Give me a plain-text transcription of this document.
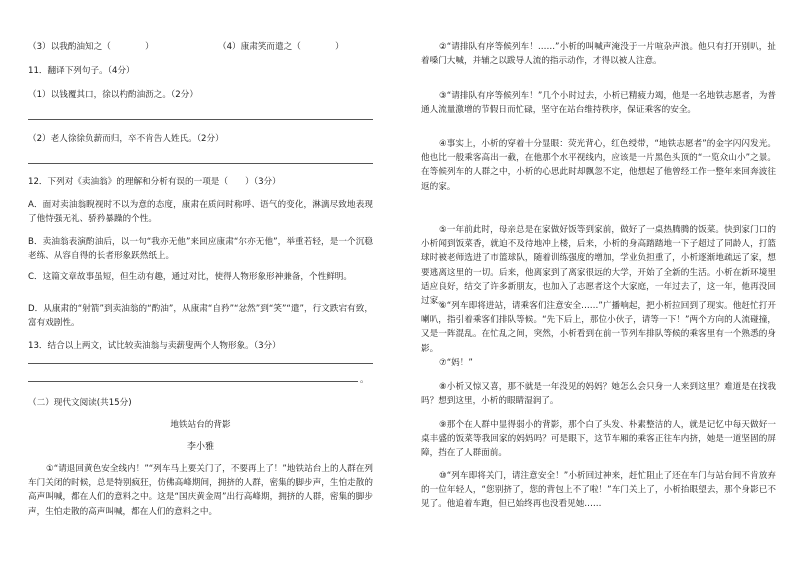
（3）以我酌油知之（　　　　）	（4）康肃笑而遣之（　　　　）
11．翻译下列句子。（4分）
（1）以钱覆其口，徐以杓酌油沥之。（2分）
（2）老人徐徐负薪而归，卒不肯告人姓氏。（2分）
12．下列对《卖油翁》的理解和分析有误的一项是（　　）（3分）
A．面对卖油翁睨视时不以为意的态度，康肃在质问时称呼、语气的变化，淋漓尽致地表现了他恃强无礼、骄矜暴躁的个性。
B．卖油翁表演酌油后，以一句“我亦无他”来回应康肃“尔亦无他”，举重若轻，是一个沉稳老练、从容自得的长者形象跃然纸上。
C．这篇文章故事虽短，但生动有趣，通过对比，使得人物形象形神兼备，个性鲜明。
D．从康肃的“射箭”到卖油翁的“酌油”，从康肃“自矜”“忿然”到“笑”“遣”，行文跌宕有致，富有戏剧性。
13．结合以上两文，试比较卖油翁与卖薪叟两个人物形象。（3分）
。
（二）现代文阅读(共15分)
地铁站台的背影
李小雅
①“请退回黄色安全线内！”“列车马上要关门了，不要再上了！”地铁站台上的人群在列车门关闭的时候，总是特别疯狂，仿佛高峰期间，拥挤的人群，密集的脚步声，生怕走散的高声叫喊，都在人们的意料之中。这是“国庆黄金周”出行高峰期，拥挤的人群，密集的脚步声，生怕走散的高声叫喊，都在人们的意料之中。
②“请排队有序等候列车！……”小析的叫喊声淹没于一片喧杂声浪。他只有打开别叭，扯着嗓门大喊，并辅之以跋导人流的指示动作，才得以被人注意。
③“请排队有序等候列车！”几个小时过去，小析已精疲力竭，他是一名地铁志愿者，为普通人流量激增的节假日而忙碌，坚守在站台维持秩序，保证乘客的安全。
④事实上，小析的穿着十分显眼：荧光背心，红色绶带，“地铁志愿者”的金字闪闪发光。他也比一般乘客高出一截，在他那个水平视线内，应该是一片黑色头顶的“一览众山小”之景。在等候列车的人群之中，小析的心思此时却飘忽不定，他想起了他曾经工作一整年来回奔波往返的家。
⑤一年前此时，母亲总是在家做好饭等到家前，做好了一桌热腾腾的饭菜。快到家门口的小析闻到饭菜香，就迫不及待地冲上楼，后来，小析的身高踏踏地一下子超过了同龄人，打篮球时被老师选进了市篮球队，随着训练强度的增加，学业负担重了，小析逐渐地疏远了家，想要逃离这里的一切。后来，他离家到了离家很远的大学，开始了全新的生活。小析在新环境里适应良好，结交了许多新朋友，也加入了志愿者这个大家庭，一年过去了，这一年，他再没回过家。
⑥“列车即将进站，请乘客们注意安全……”广播响起，把小析拉回到了现实。他赶忙打开喇叭，指引着乘客们排队等候。“先下后上，那位小伙子，请等一下！”两个方向的人流碰撞，又是一阵混乱。在忙乱之间，突然，小析看到在前一节列车排队等候的乘客里有一个熟悉的身影。
⑦“妈！”
⑧小析又惊又喜，那不就是一年没见的妈妈？她怎么会只身一人来到这里？难道是在找我吗？想到这里，小析的眼睛湿润了。
⑨那个在人群中显得弱小的背影，那个白了头发、朴素整洁的人，就是记忆中每天做好一桌丰盛的饭菜等我回家的妈妈吗？可是眼下，这节车厢的乘客正往车内挤，她是一道坚固的屏障，挡在了人群面前。
⑩“列车即将关门，请注意安全！”小析回过神来，赶忙阻止了还在车门与站台间不肯放弃的一位年轻人，“您别挤了，您的背包上不了啦！”车门关上了，小析抬眼望去，那个身影已不见了。他追着车跑，但已始终再也没看见她……
